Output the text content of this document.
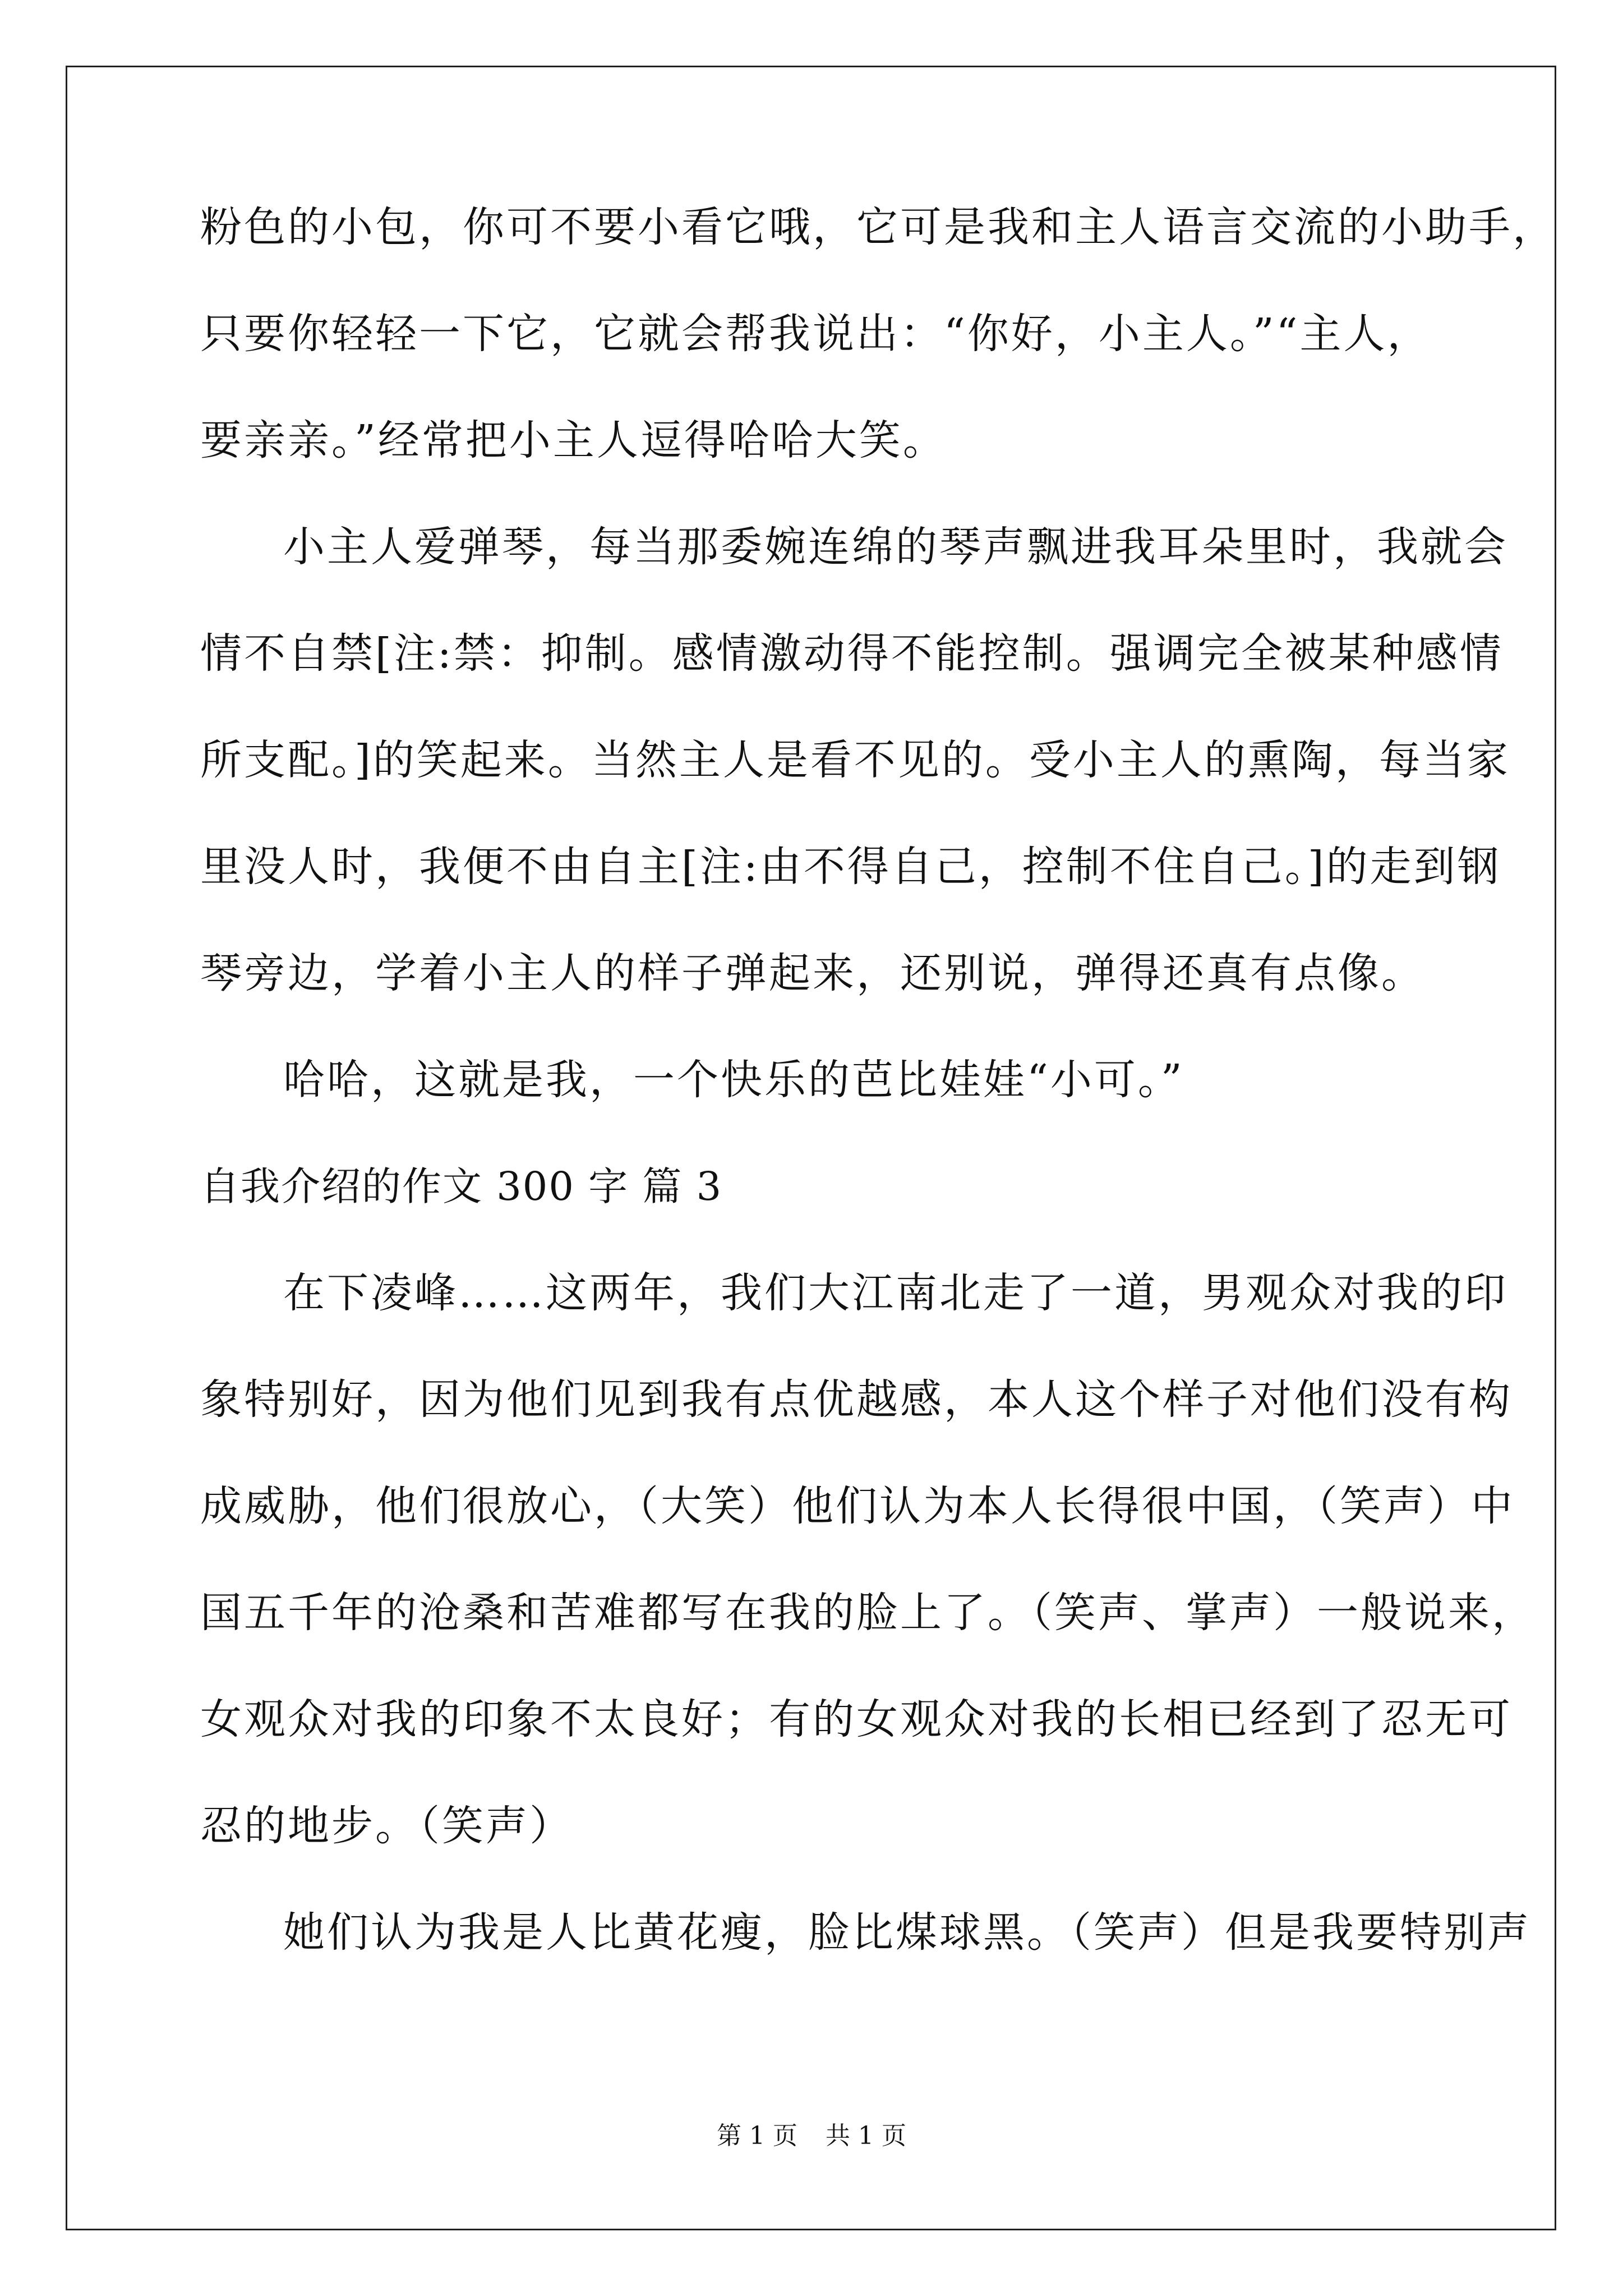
粉色的小包，你可不要小看它哦，它可是我和主人语言交流的小助手，
只要你轻轻一下它，它就会帮我说出：“你好，小主人。”“主人，
要亲亲。”经常把小主人逗得哈哈大笑。
小主人爱弹琴，每当那委婉连绵的琴声飘进我耳朵里时，我就会
情不自禁[注:禁：抑制。感情激动得不能控制。强调完全被某种感情
所支配。]的笑起来。当然主人是看不见的。受小主人的熏陶，每当家
里没人时，我便不由自主[注:由不得自己，控制不住自己。]的走到钢
琴旁边，学着小主人的样子弹起来，还别说，弹得还真有点像。
哈哈，这就是我，一个快乐的芭比娃娃“小可。”
自我介绍的作文 300 字 篇 3
在下凌峰……这两年，我们大江南北走了一道，男观众对我的印
象特别好，因为他们见到我有点优越感，本人这个样子对他们没有构
成威胁，他们很放心，（大笑）他们认为本人长得很中国，（笑声）中
国五千年的沧桑和苦难都写在我的脸上了。（笑声、掌声）一般说来，
女观众对我的印象不太良好；有的女观众对我的长相已经到了忍无可
忍的地步。（笑声）
她们认为我是人比黄花瘦，脸比煤球黑。（笑声）但是我要特别声
第 1 页 共 1 页
